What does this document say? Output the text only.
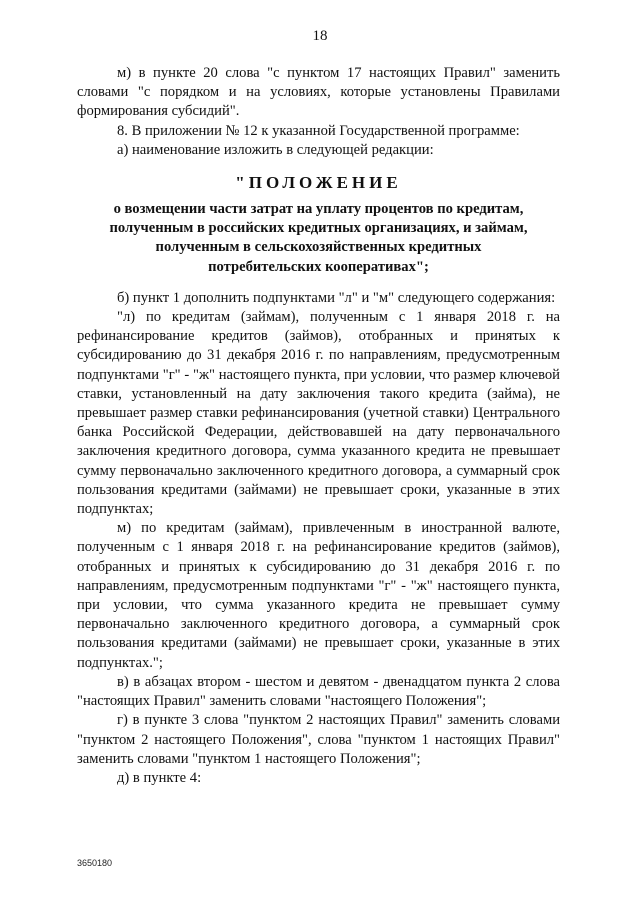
18

м) в пункте 20 слова "с пунктом 17 настоящих Правил" заменить словами "с порядком и на условиях, которые установлены Правилами формирования субсидий".

8. В приложении № 12 к указанной Государственной программе:

а) наименование изложить в следующей редакции:

"ПОЛОЖЕНИЕ
о возмещении части затрат на уплату процентов по кредитам,
полученным в российских кредитных организациях, и займам,
полученным в сельскохозяйственных кредитных
потребительских кооперативах";

б) пункт 1 дополнить подпунктами "л" и "м" следующего содержания:

"л) по кредитам (займам), полученным с 1 января 2018 г. на рефинансирование кредитов (займов), отобранных и принятых к субсидированию до 31 декабря 2016 г. по направлениям, предусмотренным подпунктами "г" - "ж" настоящего пункта, при условии, что размер ключевой ставки, установленный на дату заключения такого кредита (займа), не превышает размер ставки рефинансирования (учетной ставки) Центрального банка Российской Федерации, действовавшей на дату первоначального заключения кредитного договора, сумма указанного кредита не превышает сумму первоначально заключенного кредитного договора, а суммарный срок пользования кредитами (займами) не превышает сроки, указанные в этих подпунктах;

м) по кредитам (займам), привлеченным в иностранной валюте, полученным с 1 января 2018 г. на рефинансирование кредитов (займов), отобранных и принятых к субсидированию до 31 декабря 2016 г. по направлениям, предусмотренным подпунктами "г" - "ж" настоящего пункта, при условии, что сумма указанного кредита не превышает сумму первоначально заключенного кредитного договора, а суммарный срок пользования кредитами (займами) не превышает сроки, указанные в этих подпунктах.";

в) в абзацах втором - шестом и девятом - двенадцатом пункта 2 слова "настоящих Правил" заменить словами "настоящего Положения";

г) в пункте 3 слова "пунктом 2 настоящих Правил" заменить словами "пунктом 2 настоящего Положения", слова "пунктом 1 настоящих Правил" заменить словами "пунктом 1 настоящего Положения";

д) в пункте 4:

3650180
